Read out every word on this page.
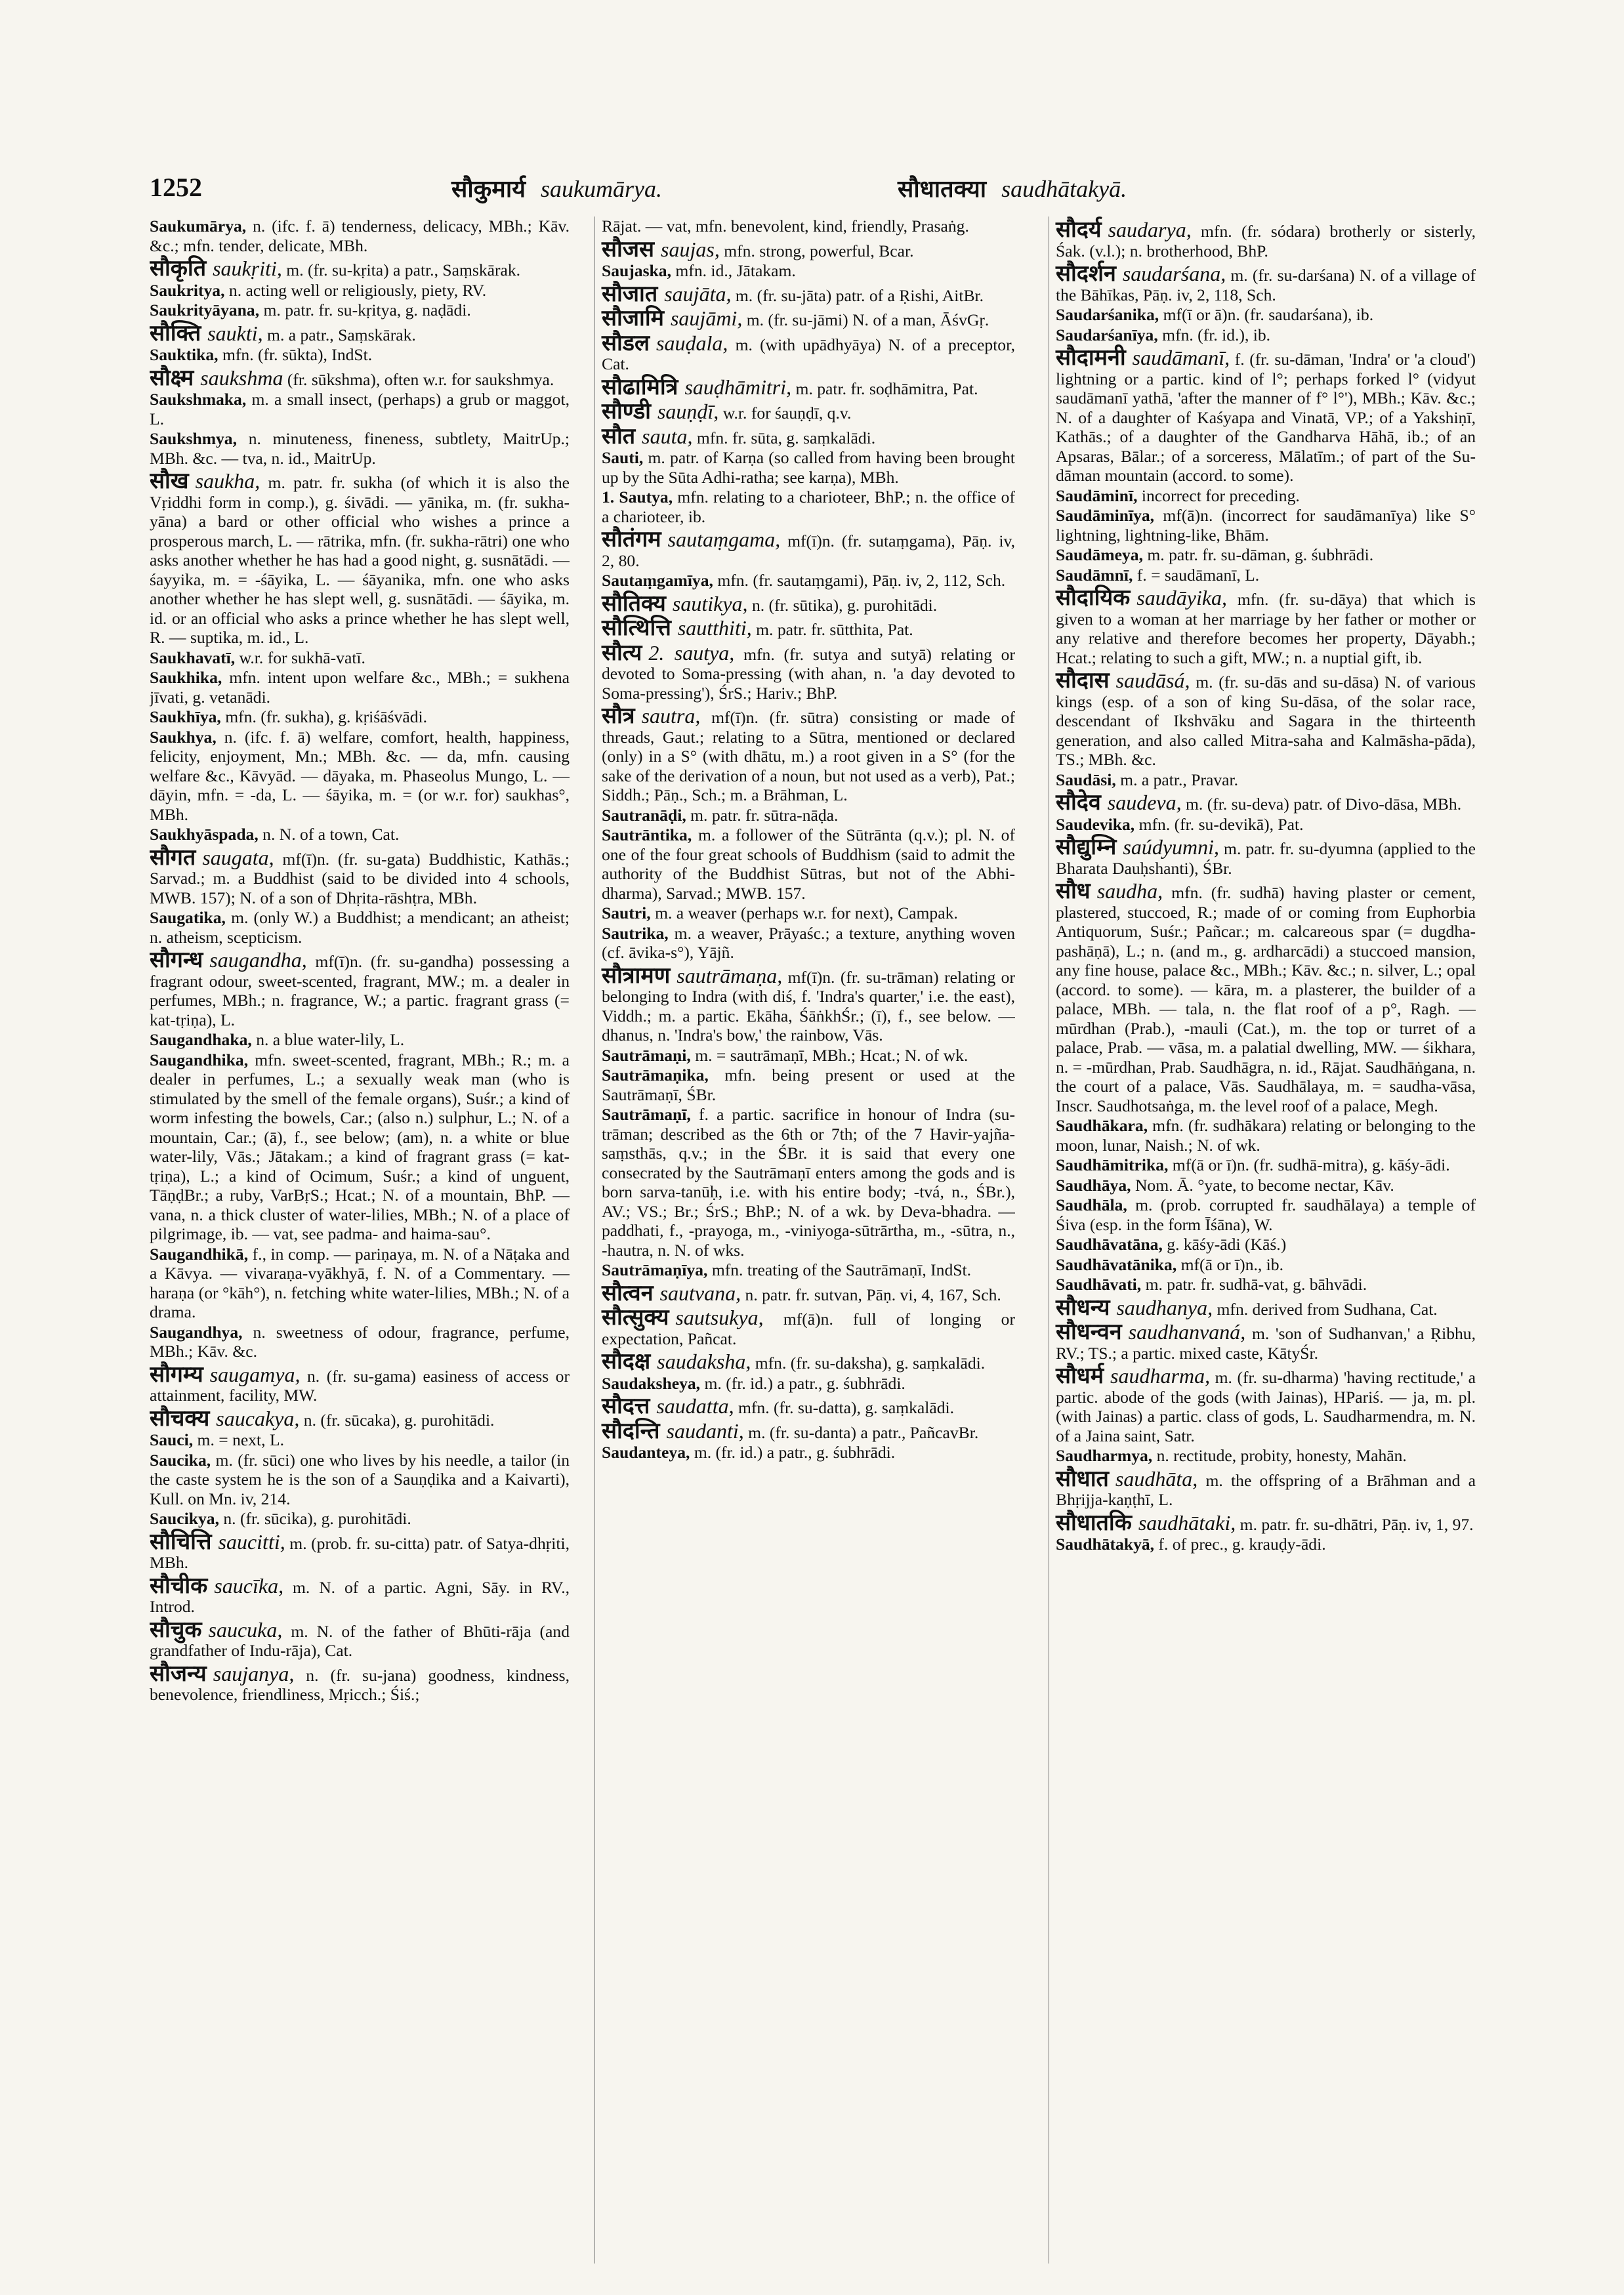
1252	सौकुमार्य saukumārya.	सौधातक्या saudhātakyā.
Saukumārya, n. (ifc. f. ā) tenderness, delicacy, MBh.; Kāv. &c.; mfn. tender, delicate, MBh.
सौकृति saukṛiti, m. (fr. su-kṛita) a patr., Saṃskārak.
Saukritya, n. acting well or religiously, piety, RV.
Saukrityāyana, m. patr. fr. su-kṛitya, g. naḍādi.
सौक्ति saukti, m. a patr., Saṃskārak.
Sauktika, mfn. (fr. sūkta), IndSt.
सौक्ष्म saukshma (fr. sūkshma), often w.r. for saukshmya.
Saukshmaka, m. a small insect, (perhaps) a grub or maggot, L.
Saukshmya, n. minuteness, fineness, subtlety, MaitrUp.; MBh. &c. — tva, n. id., MaitrUp.
सौख saukha, m. patr. fr. sukha (of which it is also the Vṛiddhi form in comp.), g. śivādi. — yānika, m. (fr. sukha-yāna) a bard or other official who wishes a prince a prosperous march, L. — rātrika, mfn. (fr. sukha-rātri) one who asks another whether he has had a good night, g. susnātādi. — śayyika, m. = -śāyika, L. — śāyanika, mfn. one who asks another whether he has slept well, g. susnātādi. — śāyika, m. id. or an official who asks a prince whether he has slept well, R. — suptika, m. id., L.
Saukhavatī, w.r. for sukhā-vatī.
Saukhika, mfn. intent upon welfare &c., MBh.; = sukhena jīvati, g. vetanādi.
Saukhīya, mfn. (fr. sukha), g. kṛiśāśvādi.
Saukhya, n. (ifc. f. ā) welfare, comfort, health, happiness, felicity, enjoyment, Mn.; MBh. &c. — da, mfn. causing welfare &c., Kāvyād. — dāyaka, m. Phaseolus Mungo, L. — dāyin, mfn. = -da, L. — śāyika, m. = (or w.r. for) saukhas°, MBh.
Saukhyāspada, n. N. of a town, Cat.
सौगत saugata, mf(ī)n. (fr. su-gata) Buddhistic, Kathās.; Sarvad.; m. a Buddhist (said to be divided into 4 schools, MWB. 157); N. of a son of Dhṛita-rāshṭra, MBh.
Saugatika, m. (only W.) a Buddhist; a mendicant; an atheist; n. atheism, scepticism.
सौगन्ध saugandha, mf(ī)n. (fr. su-gandha) possessing a fragrant odour, sweet-scented, fragrant, MW.; m. a dealer in perfumes, MBh.; n. fragrance, W.; a partic. fragrant grass (= kat-tṛiṇa), L.
Saugandhaka, n. a blue water-lily, L.
Saugandhika, mfn. sweet-scented, fragrant, MBh.; R.; m. a dealer in perfumes, L.; a sexually weak man (who is stimulated by the smell of the female organs), Suśr.; a kind of worm infesting the bowels, Car.; (also n.) sulphur, L.; N. of a mountain, Car.; (ā), f., see below; (am), n. a white or blue water-lily, Vās.; Jātakam.; a kind of fragrant grass (= kat-tṛiṇa), L.; a kind of Ocimum, Suśr.; a kind of unguent, TāṇḍBr.; a ruby, VarBṛS.; Hcat.; N. of a mountain, BhP. — vana, n. a thick cluster of water-lilies, MBh.; N. of a place of pilgrimage, ib. — vat, see padma- and haima-sau°.
Saugandhikā, f., in comp. — pariṇaya, m. N. of a Nāṭaka and a Kāvya. — vivaraṇa-vyākhyā, f. N. of a Commentary. — haraṇa (or °kāh°), n. fetching white water-lilies, MBh.; N. of a drama.
Saugandhya, n. sweetness of odour, fragrance, perfume, MBh.; Kāv. &c.
सौगम्य saugamya, n. (fr. su-gama) easiness of access or attainment, facility, MW.
सौचक्य saucakya, n. (fr. sūcaka), g. purohitādi.
Sauci, m. = next, L.
Saucika, m. (fr. sūci) one who lives by his needle, a tailor (in the caste system he is the son of a Sauṇḍika and a Kaivarti), Kull. on Mn. iv, 214.
Saucikya, n. (fr. sūcika), g. purohitādi.
सौचित्ति saucitti, m. (prob. fr. su-citta) patr. of Satya-dhṛiti, MBh.
सौचीक saucīka, m. N. of a partic. Agni, Sāy. in RV., Introd.
सौचुक saucuka, m. N. of the father of Bhūti-rāja (and grandfather of Indu-rāja), Cat.
सौजन्य saujanya, n. (fr. su-jana) goodness, kindness, benevolence, friendliness, Mṛicch.; Śiś.;
Rājat. — vat, mfn. benevolent, kind, friendly, Prasaṅg.
सौजस saujas, mfn. strong, powerful, Bcar.
Saujaska, mfn. id., Jātakam.
सौजात saujāta, m. (fr. su-jāta) patr. of a Ṛishi, AitBr.
सौजामि saujāmi, m. (fr. su-jāmi) N. of a man, ĀśvGṛ.
सौडल sauḍala, m. (with upādhyāya) N. of a preceptor, Cat.
सौढामित्रि sauḍhāmitri, m. patr. fr. soḍhāmitra, Pat.
सौण्डी sauṇḍī, w.r. for śauṇḍī, q.v.
सौत sauta, mfn. fr. sūta, g. saṃkalādi.
Sauti, m. patr. of Karṇa (so called from having been brought up by the Sūta Adhi-ratha; see karṇa), MBh.
1. Sautya, mfn. relating to a charioteer, BhP.; n. the office of a charioteer, ib.
सौतंगम sautaṃgama, mf(ī)n. (fr. sutaṃgama), Pāṇ. iv, 2, 80.
Sautaṃgamīya, mfn. (fr. sautaṃgami), Pāṇ. iv, 2, 112, Sch.
सौतिक्य sautikya, n. (fr. sūtika), g. purohitādi.
सौत्थित्ति sautthiti, m. patr. fr. sūtthita, Pat.
सौत्य 2. sautya, mfn. (fr. sutya and sutyā) relating or devoted to Soma-pressing (with ahan, n. 'a day devoted to Soma-pressing'), ŚrS.; Hariv.; BhP.
सौत्र sautra, mf(ī)n. (fr. sūtra) consisting or made of threads, Gaut.; relating to a Sūtra, mentioned or declared (only) in a S° (with dhātu, m.) a root given in a S° (for the sake of the derivation of a noun, but not used as a verb), Pat.; Siddh.; Pāṇ., Sch.; m. a Brāhman, L.
Sautranāḍi, m. patr. fr. sūtra-nāḍa.
Sautrāntika, m. a follower of the Sūtrānta (q.v.); pl. N. of one of the four great schools of Buddhism (said to admit the authority of the Buddhist Sūtras, but not of the Abhi-dharma), Sarvad.; MWB. 157.
Sautri, m. a weaver (perhaps w.r. for next), Campak.
Sautrika, m. a weaver, Prāyaśc.; a texture, anything woven (cf. āvika-s°), Yājñ.
सौत्रामण sautrāmaṇa, mf(ī)n. (fr. su-trāman) relating or belonging to Indra (with diś, f. 'Indra's quarter,' i.e. the east), Viddh.; m. a partic. Ekāha, ŚāṅkhŚr.; (ī), f., see below. — dhanus, n. 'Indra's bow,' the rainbow, Vās.
Sautrāmaṇi, m. = sautrāmaṇī, MBh.; Hcat.; N. of wk.
Sautrāmaṇika, mfn. being present or used at the Sautrāmaṇī, ŚBr.
Sautrāmaṇī, f. a partic. sacrifice in honour of Indra (su-trāman; described as the 6th or 7th; of the 7 Havir-yajña-saṃsthās, q.v.; in the ŚBr. it is said that every one consecrated by the Sautrāmaṇī enters among the gods and is born sarva-tanūḥ, i.e. with his entire body; -tvá, n., ŚBr.), AV.; VS.; Br.; ŚrS.; BhP.; N. of a wk. by Deva-bhadra. — paddhati, f., -prayoga, m., -viniyoga-sūtrārtha, m., -sūtra, n., -hautra, n. N. of wks.
Sautrāmaṇīya, mfn. treating of the Sautrāmaṇī, IndSt.
सौत्वन sautvana, n. patr. fr. sutvan, Pāṇ. vi, 4, 167, Sch.
सौत्सुक्य sautsukya, mf(ā)n. full of longing or expectation, Pañcat.
सौदक्ष saudaksha, mfn. (fr. su-daksha), g. saṃkalādi.
Saudaksheya, m. (fr. id.) a patr., g. śubhrādi.
सौदत्त saudatta, mfn. (fr. su-datta), g. saṃkalādi.
सौदन्ति saudanti, m. (fr. su-danta) a patr., PañcavBr.
Saudanteya, m. (fr. id.) a patr., g. śubhrādi.
सौदर्य saudarya, mfn. (fr. sódara) brotherly or sisterly, Śak. (v.l.); n. brotherhood, BhP.
सौदर्शन saudarśana, m. (fr. su-darśana) N. of a village of the Bāhīkas, Pāṇ. iv, 2, 118, Sch.
Saudarśanika, mf(ī or ā)n. (fr. saudarśana), ib.
Saudarśanīya, mfn. (fr. id.), ib.
सौदामनी saudāmanī, f. (fr. su-dāman, 'Indra' or 'a cloud') lightning or a partic. kind of l°; perhaps forked l° (vidyut saudāmanī yathā, 'after the manner of f° l°'), MBh.; Kāv. &c.; N. of a daughter of Kaśyapa and Vinatā, VP.; of a Yakshiṇī, Kathās.; of a daughter of the Gandharva Hāhā, ib.; of an Apsaras, Bālar.; of a sorceress, Mālatīm.; of part of the Su-dāman mountain (accord. to some).
Saudāminī, incorrect for preceding.
Saudāminīya, mf(ā)n. (incorrect for saudāmanīya) like S° lightning, lightning-like, Bhām.
Saudāmeya, m. patr. fr. su-dāman, g. śubhrādi.
Saudāmnī, f. = saudāmanī, L.
सौदायिक saudāyika, mfn. (fr. su-dāya) that which is given to a woman at her marriage by her father or mother or any relative and therefore becomes her property, Dāyabh.; Hcat.; relating to such a gift, MW.; n. a nuptial gift, ib.
सौदास saudāsá, m. (fr. su-dās and su-dāsa) N. of various kings (esp. of a son of king Su-dāsa, of the solar race, descendant of Ikshvāku and Sagara in the thirteenth generation, and also called Mitra-saha and Kalmāsha-pāda), TS.; MBh. &c.
Saudāsi, m. a patr., Pravar.
सौदेव saudeva, m. (fr. su-deva) patr. of Divo-dāsa, MBh.
Saudevika, mfn. (fr. su-devikā), Pat.
सौद्युम्नि saúdyumni, m. patr. fr. su-dyumna (applied to the Bharata Dauḥshanti), ŚBr.
सौध saudha, mfn. (fr. sudhā) having plaster or cement, plastered, stuccoed, R.; made of or coming from Euphorbia Antiquorum, Suśr.; Pañcar.; m. calcareous spar (= dugdha-pashāṇā), L.; n. (and m., g. ardharcādi) a stuccoed mansion, any fine house, palace &c., MBh.; Kāv. &c.; n. silver, L.; opal (accord. to some). — kāra, m. a plasterer, the builder of a palace, MBh. — tala, n. the flat roof of a p°, Ragh. — mūrdhan (Prab.), -mauli (Cat.), m. the top or turret of a palace, Prab. — vāsa, m. a palatial dwelling, MW. — śikhara, n. = -mūrdhan, Prab. Saudhāgra, n. id., Rājat. Saudhāṅgana, n. the court of a palace, Vās. Saudhālaya, m. = saudha-vāsa, Inscr. Saudhotsaṅga, m. the level roof of a palace, Megh.
Saudhākara, mfn. (fr. sudhākara) relating or belonging to the moon, lunar, Naish.; N. of wk.
Saudhāmitrika, mf(ā or ī)n. (fr. sudhā-mitra), g. kāśy-ādi.
Saudhāya, Nom. Ā. °yate, to become nectar, Kāv.
Saudhāla, m. (prob. corrupted fr. saudhālaya) a temple of Śiva (esp. in the form Īśāna), W.
Saudhāvatāna, g. kāśy-ādi (Kāś.)
Saudhāvatānika, mf(ā or ī)n., ib.
Saudhāvati, m. patr. fr. sudhā-vat, g. bāhvādi.
सौधन्य saudhanya, mfn. derived from Sudhana, Cat.
सौधन्वन saudhanvaná, m. 'son of Sudhanvan,' a Ṛibhu, RV.; TS.; a partic. mixed caste, KātyŚr.
सौधर्म saudharma, m. (fr. su-dharma) 'having rectitude,' a partic. abode of the gods (with Jainas), HPariś. — ja, m. pl. (with Jainas) a partic. class of gods, L. Saudharmendra, m. N. of a Jaina saint, Satr.
Saudharmya, n. rectitude, probity, honesty, Mahān.
सौधात saudhāta, m. the offspring of a Brāhman and a Bhṛijja-kaṇṭhī, L.
सौधातकि saudhātaki, m. patr. fr. su-dhātri, Pāṇ. iv, 1, 97.
Saudhātakyā, f. of prec., g. krauḍy-ādi.
